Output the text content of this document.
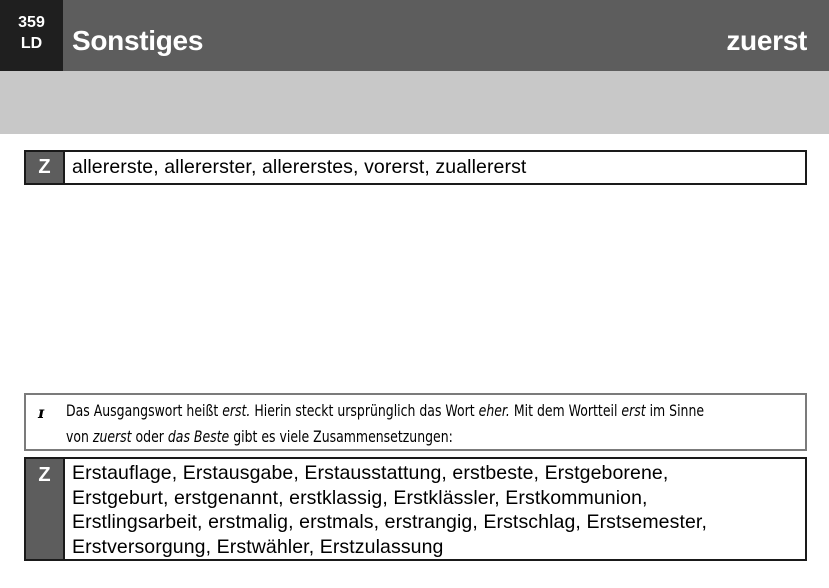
359
LD	Sonstiges	zuerst
Z	allererste, allererster, allererstes, vorerst, zuallererst
ɪ	Das Ausgangswort heißt erst. Hierin steckt ursprünglich das Wort eher. Mit dem Wortteil erst im Sinne
von zuerst oder das Beste gibt es viele Zusammensetzungen:
Z	Erstauflage, Erstausgabe, Erstausstattung, erstbeste, Erstgeborene,
Erstgeburt, erstgenannt, erstklassig, Erstklässler, Erstkommunion,
Erstlingsarbeit, erstmalig, erstmals, erstrangig, Erstschlag, Erstsemester,
Erstversorgung, Erstwähler, Erstzulassung
